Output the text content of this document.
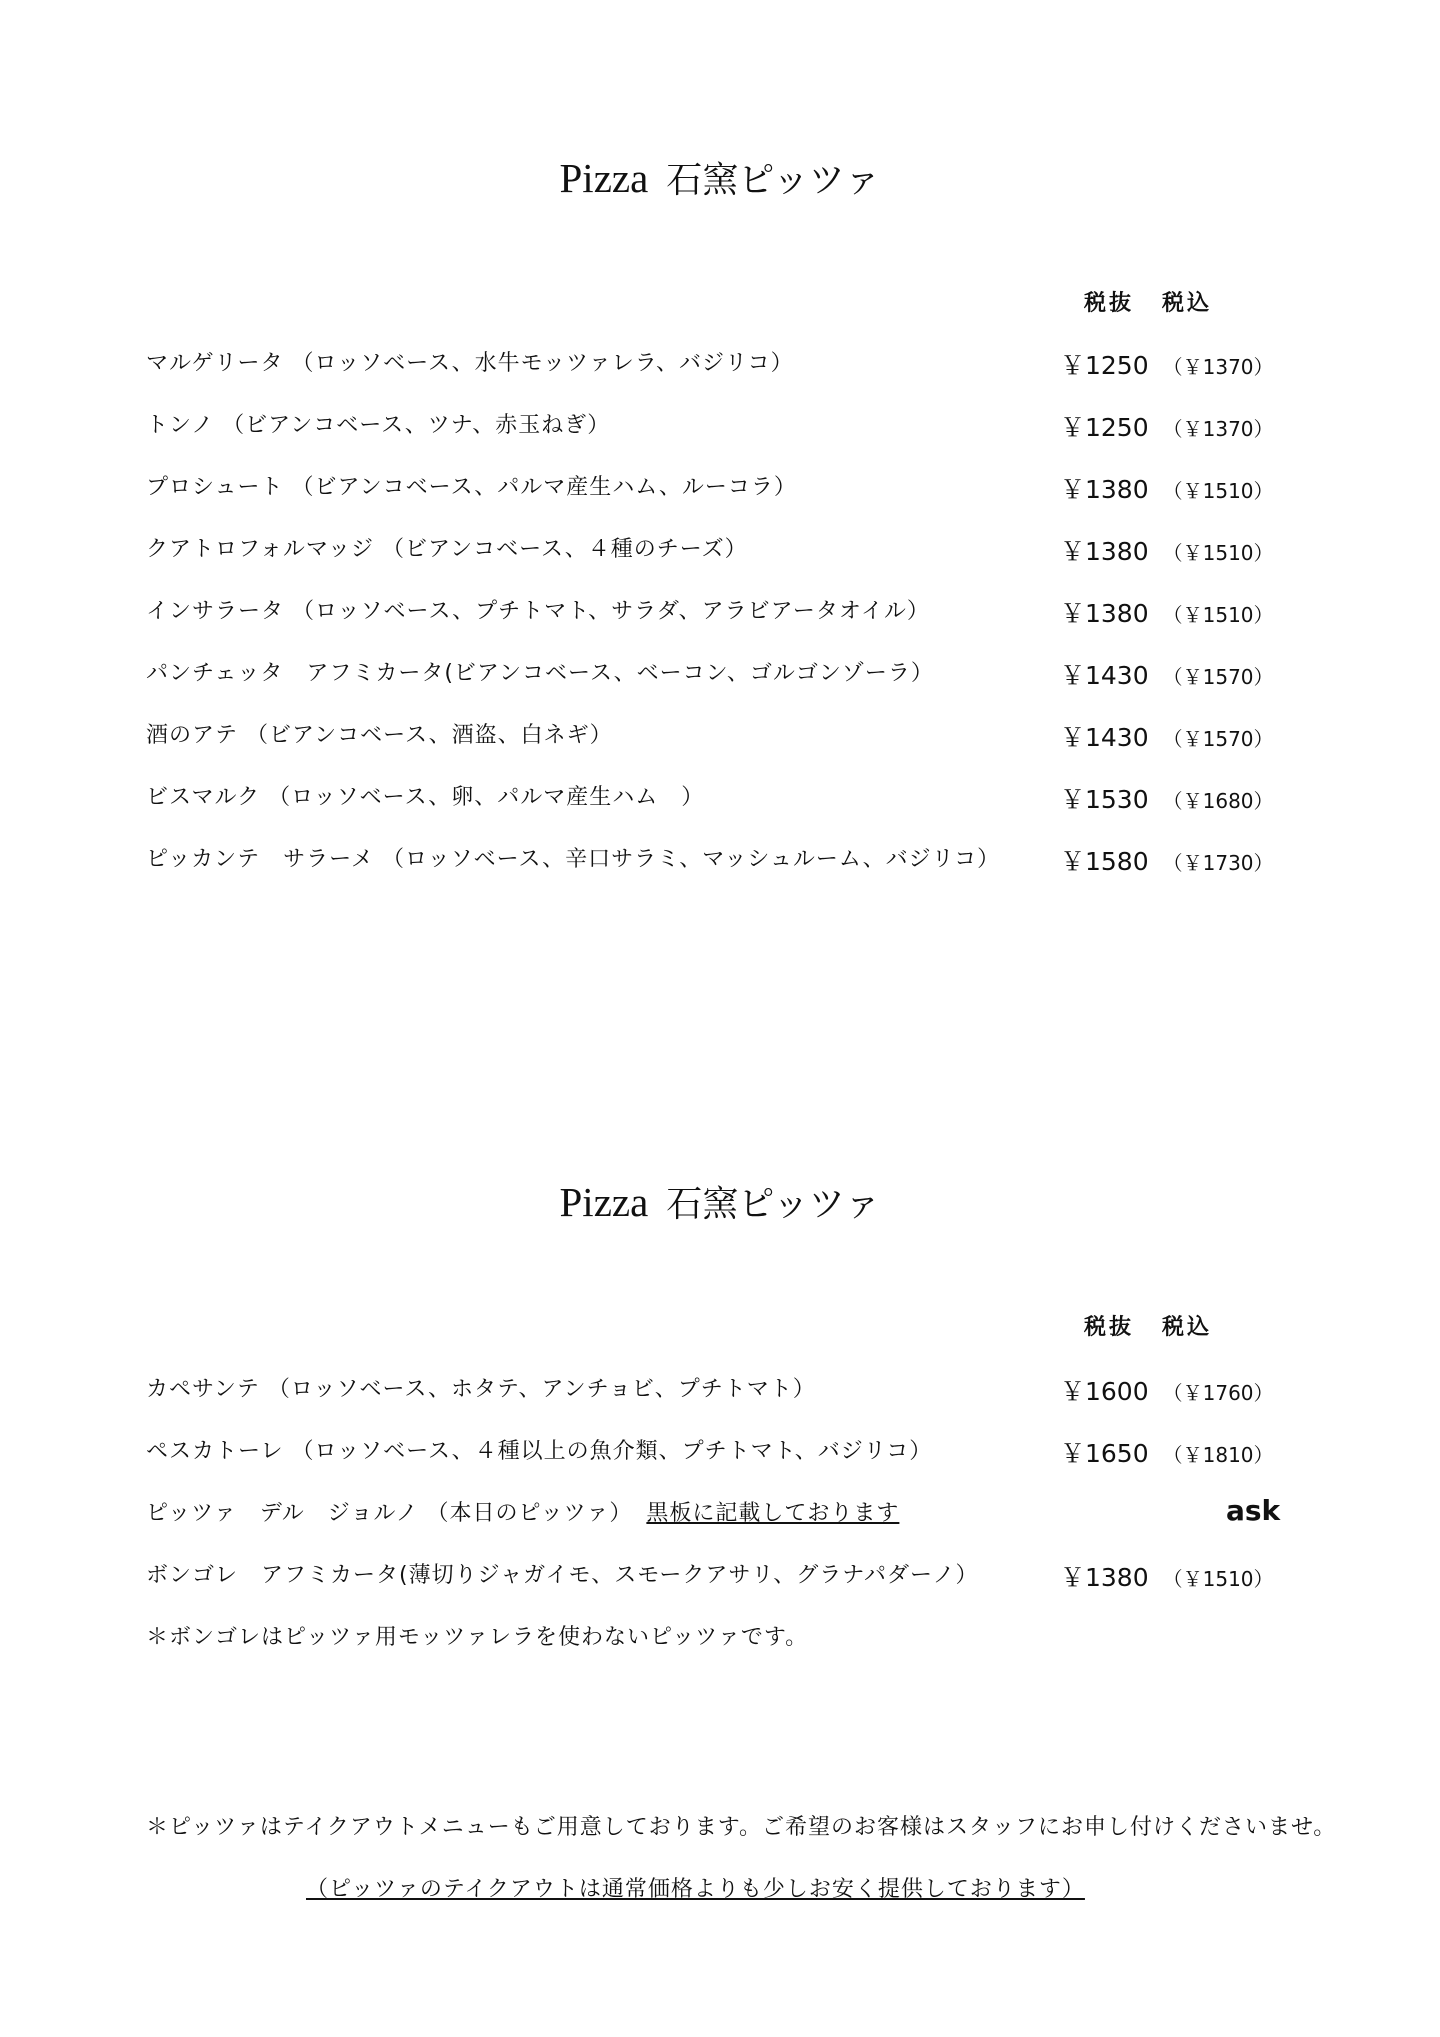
Pizza 石窯ピッツァ
税抜 税込
マルゲリータ （ロッソベース、水牛モッツァレラ、バジリコ）	￥1250 （￥1370）
トンノ （ビアンコベース、ツナ、赤玉ねぎ）	￥1250 （￥1370）
プロシュート （ビアンコベース、パルマ産生ハム、ルーコラ）	￥1380 （￥1510）
クアトロフォルマッジ （ビアンコベース、４種のチーズ）	￥1380 （￥1510）
インサラータ （ロッソベース、プチトマト、サラダ、アラビアータオイル）	￥1380 （￥1510）
パンチェッタ　アフミカータ(ビアンコベース、ベーコン、ゴルゴンゾーラ）	￥1430 （￥1570）
酒のアテ （ビアンコベース、酒盗、白ネギ）	￥1430 （￥1570）
ビスマルク （ロッソベース、卵、パルマ産生ハム　）	￥1530 （￥1680）
ピッカンテ　サラーメ （ロッソベース、辛口サラミ、マッシュルーム、バジリコ） ￥1580 （￥1730）
Pizza 石窯ピッツァ
税抜 税込
カペサンテ （ロッソベース、ホタテ、アンチョビ、プチトマト）	￥1600 （￥1760）
ペスカトーレ （ロッソベース、４種以上の魚介類、プチトマト、バジリコ）	￥1650 （￥1810）
ピッツァ　デル　ジョルノ （本日のピッツァ） 黒板に記載しております	ask
ボンゴレ　アフミカータ(薄切りジャガイモ、スモークアサリ、グラナパダーノ）	￥1380 （￥1510）
＊ボンゴレはピッツァ用モッツァレラを使わないピッツァです。
＊ピッツァはテイクアウトメニューもご用意しております。ご希望のお客様はスタッフにお申し付けくださいませ。
（ピッツァのテイクアウトは通常価格よりも少しお安く提供しております）
